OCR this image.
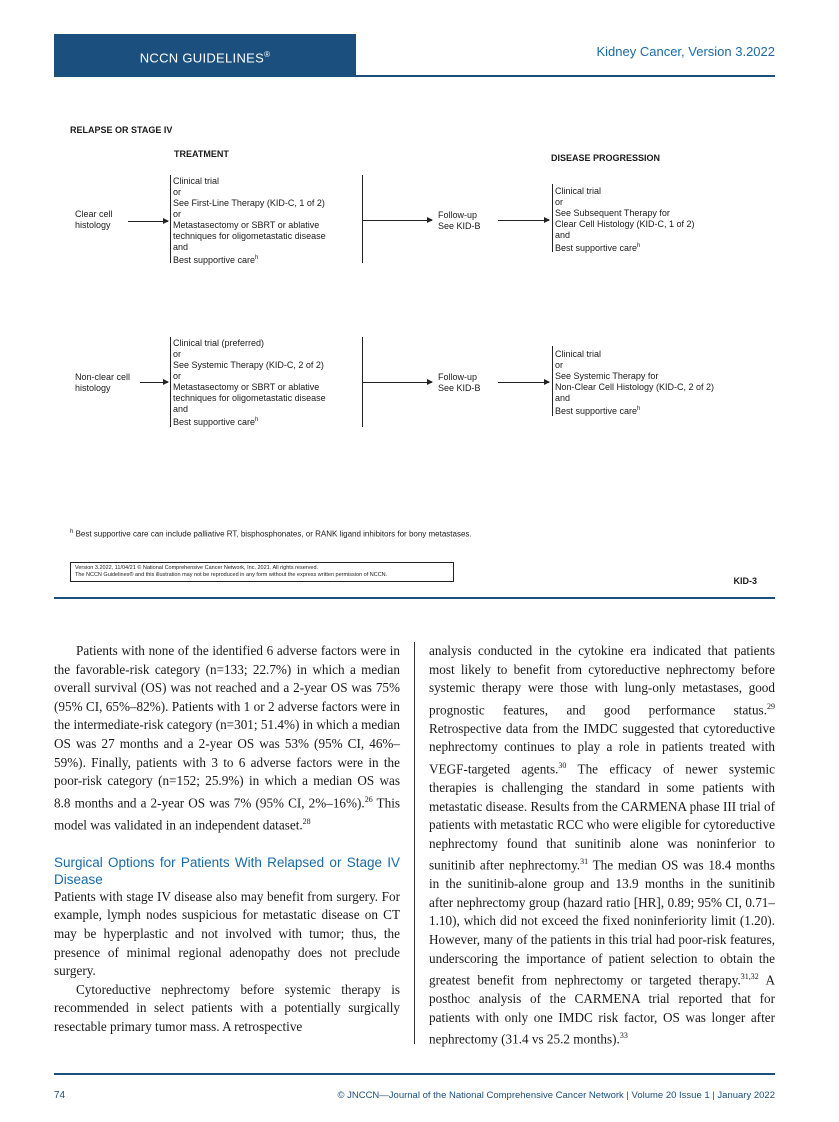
NCCN GUIDELINES®	Kidney Cancer, Version 3.2022
RELAPSE OR STAGE IV
TREATMENT	DISEASE PROGRESSION
Clear cell
histology
Clinical trial
or
See First-Line Therapy (KID-C, 1 of 2)
or
Metastasectomy or SBRT or ablative
techniques for oligometastatic disease
and
Best supportive care$^h$
Follow-up
See KID-B
Clinical trial
or
See Subsequent Therapy for
Clear Cell Histology (KID-C, 1 of 2)
and
Best supportive care$^h$
Non-clear cell
histology
Clinical trial (preferred)
or
See Systemic Therapy (KID-C, 2 of 2)
or
Metastasectomy or SBRT or ablative
techniques for oligometastatic disease
and
Best supportive care$^h$
Follow-up
See KID-B
Clinical trial
or
See Systemic Therapy for
Non-Clear Cell Histology (KID-C, 2 of 2)
and
Best supportive care$^h$
$^h$ Best supportive care can include palliative RT, bisphosphonates, or RANK ligand inhibitors for bony metastases.
Version 3.2022, 11/04/21 © National Comprehensive Cancer Network, Inc. 2021. All rights reserved.
The NCCN Guidelines® and this illustration may not be reproduced in any form without the express written permission of NCCN.
KID-3

Patients with none of the identified 6 adverse factors were in the favorable-risk category (n=133; 22.7%) in which a median overall survival (OS) was not reached and a 2-year OS was 75% (95% CI, 65%–82%). Patients with 1 or 2 adverse factors were in the intermediate-risk category (n=301; 51.4%) in which a median OS was 27 months and a 2-year OS was 53% (95% CI, 46%–59%). Finally, patients with 3 to 6 adverse factors were in the poor-risk category (n=152; 25.9%) in which a median OS was 8.8 months and a 2-year OS was 7% (95% CI, 2%–16%).$^{26}$ This model was validated in an independent dataset.$^{28}$

Surgical Options for Patients With Relapsed or Stage IV Disease

Patients with stage IV disease also may benefit from surgery. For example, lymph nodes suspicious for metastatic disease on CT may be hyperplastic and not involved with tumor; thus, the presence of minimal regional adenopathy does not preclude surgery.

Cytoreductive nephrectomy before systemic therapy is recommended in select patients with a potentially surgically resectable primary tumor mass. A retrospective

analysis conducted in the cytokine era indicated that patients most likely to benefit from cytoreductive nephrectomy before systemic therapy were those with lung-only metastases, good prognostic features, and good performance status.$^{29}$ Retrospective data from the IMDC suggested that cytoreductive nephrectomy continues to play a role in patients treated with VEGF-targeted agents.$^{30}$ The efficacy of newer systemic therapies is challenging the standard in some patients with metastatic disease. Results from the CARMENA phase III trial of patients with metastatic RCC who were eligible for cytoreductive nephrectomy found that sunitinib alone was noninferior to sunitinib after nephrectomy.$^{31}$ The median OS was 18.4 months in the sunitinib-alone group and 13.9 months in the sunitinib after nephrectomy group (hazard ratio [HR], 0.89; 95% CI, 0.71–1.10), which did not exceed the fixed noninferiority limit (1.20). However, many of the patients in this trial had poor-risk features, underscoring the importance of patient selection to obtain the greatest benefit from nephrectomy or targeted therapy.$^{31,32}$ A posthoc analysis of the CARMENA trial reported that for patients with only one IMDC risk factor, OS was longer after nephrectomy (31.4 vs 25.2 months).$^{33}$

74	© JNCCN—Journal of the National Comprehensive Cancer Network | Volume 20 Issue 1 | January 2022
